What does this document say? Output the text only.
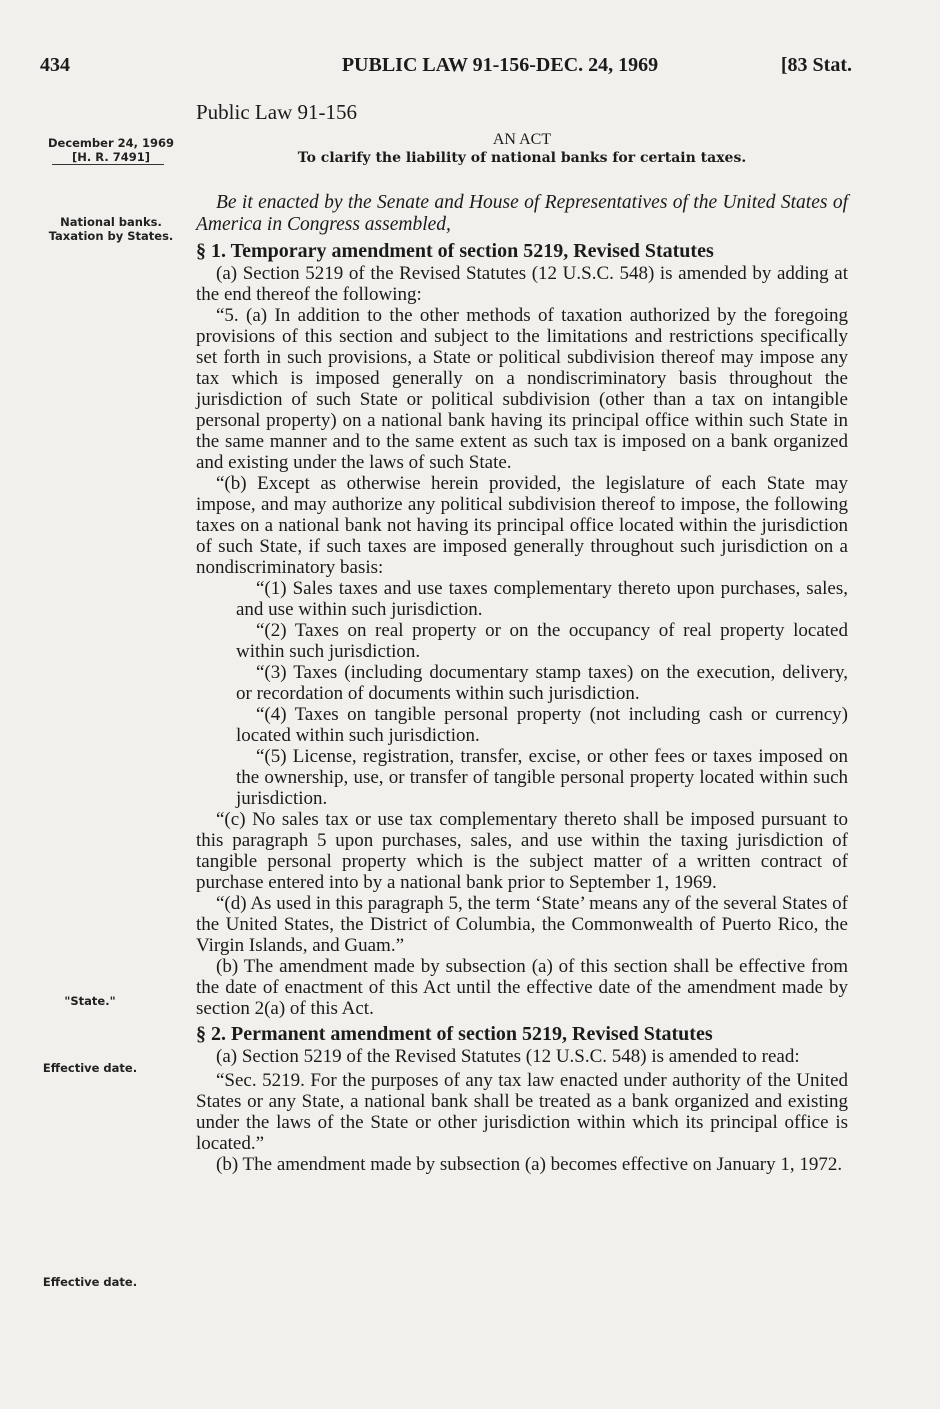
434	PUBLIC LAW 91-156-DEC. 24, 1969	[83 Stat.
Public Law 91-156
AN ACT
To clarify the liability of national banks for certain taxes.
December 24, 1969
[H. R. 7491]
National banks.
Taxation by States.
"State."
Effective date.
Effective date.

Be it enacted by the Senate and House of Representatives of the United States of America in Congress assembled,

§ 1. Temporary amendment of section 5219, Revised Statutes

(a) Section 5219 of the Revised Statutes (12 U.S.C. 548) is amended by adding at the end thereof the following:

“5. (a) In addition to the other methods of taxation authorized by the foregoing provisions of this section and subject to the limitations and restrictions specifically set forth in such provisions, a State or political subdivision thereof may impose any tax which is imposed generally on a nondiscriminatory basis throughout the jurisdiction of such State or political subdivision (other than a tax on intangible personal property) on a national bank having its principal office within such State in the same manner and to the same extent as such tax is imposed on a bank organized and existing under the laws of such State.

“(b) Except as otherwise herein provided, the legislature of each State may impose, and may authorize any political subdivision thereof to impose, the following taxes on a national bank not having its principal office located within the jurisdiction of such State, if such taxes are imposed generally throughout such jurisdiction on a nondiscriminatory basis:

“(1) Sales taxes and use taxes complementary thereto upon purchases, sales, and use within such jurisdiction.

“(2) Taxes on real property or on the occupancy of real property located within such jurisdiction.

“(3) Taxes (including documentary stamp taxes) on the execution, delivery, or recordation of documents within such jurisdiction.

“(4) Taxes on tangible personal property (not including cash or currency) located within such jurisdiction.

“(5) License, registration, transfer, excise, or other fees or taxes imposed on the ownership, use, or transfer of tangible personal property located within such jurisdiction.

“(c) No sales tax or use tax complementary thereto shall be imposed pursuant to this paragraph 5 upon purchases, sales, and use within the taxing jurisdiction of tangible personal property which is the subject matter of a written contract of purchase entered into by a national bank prior to September 1, 1969.

“(d) As used in this paragraph 5, the term ‘State’ means any of the several States of the United States, the District of Columbia, the Commonwealth of Puerto Rico, the Virgin Islands, and Guam.”

(b) The amendment made by subsection (a) of this section shall be effective from the date of enactment of this Act until the effective date of the amendment made by section 2(a) of this Act.

§ 2. Permanent amendment of section 5219, Revised Statutes

(a) Section 5219 of the Revised Statutes (12 U.S.C. 548) is amended to read:

“Sec. 5219. For the purposes of any tax law enacted under authority of the United States or any State, a national bank shall be treated as a bank organized and existing under the laws of the State or other jurisdiction within which its principal office is located.”

(b) The amendment made by subsection (a) becomes effective on January 1, 1972.
